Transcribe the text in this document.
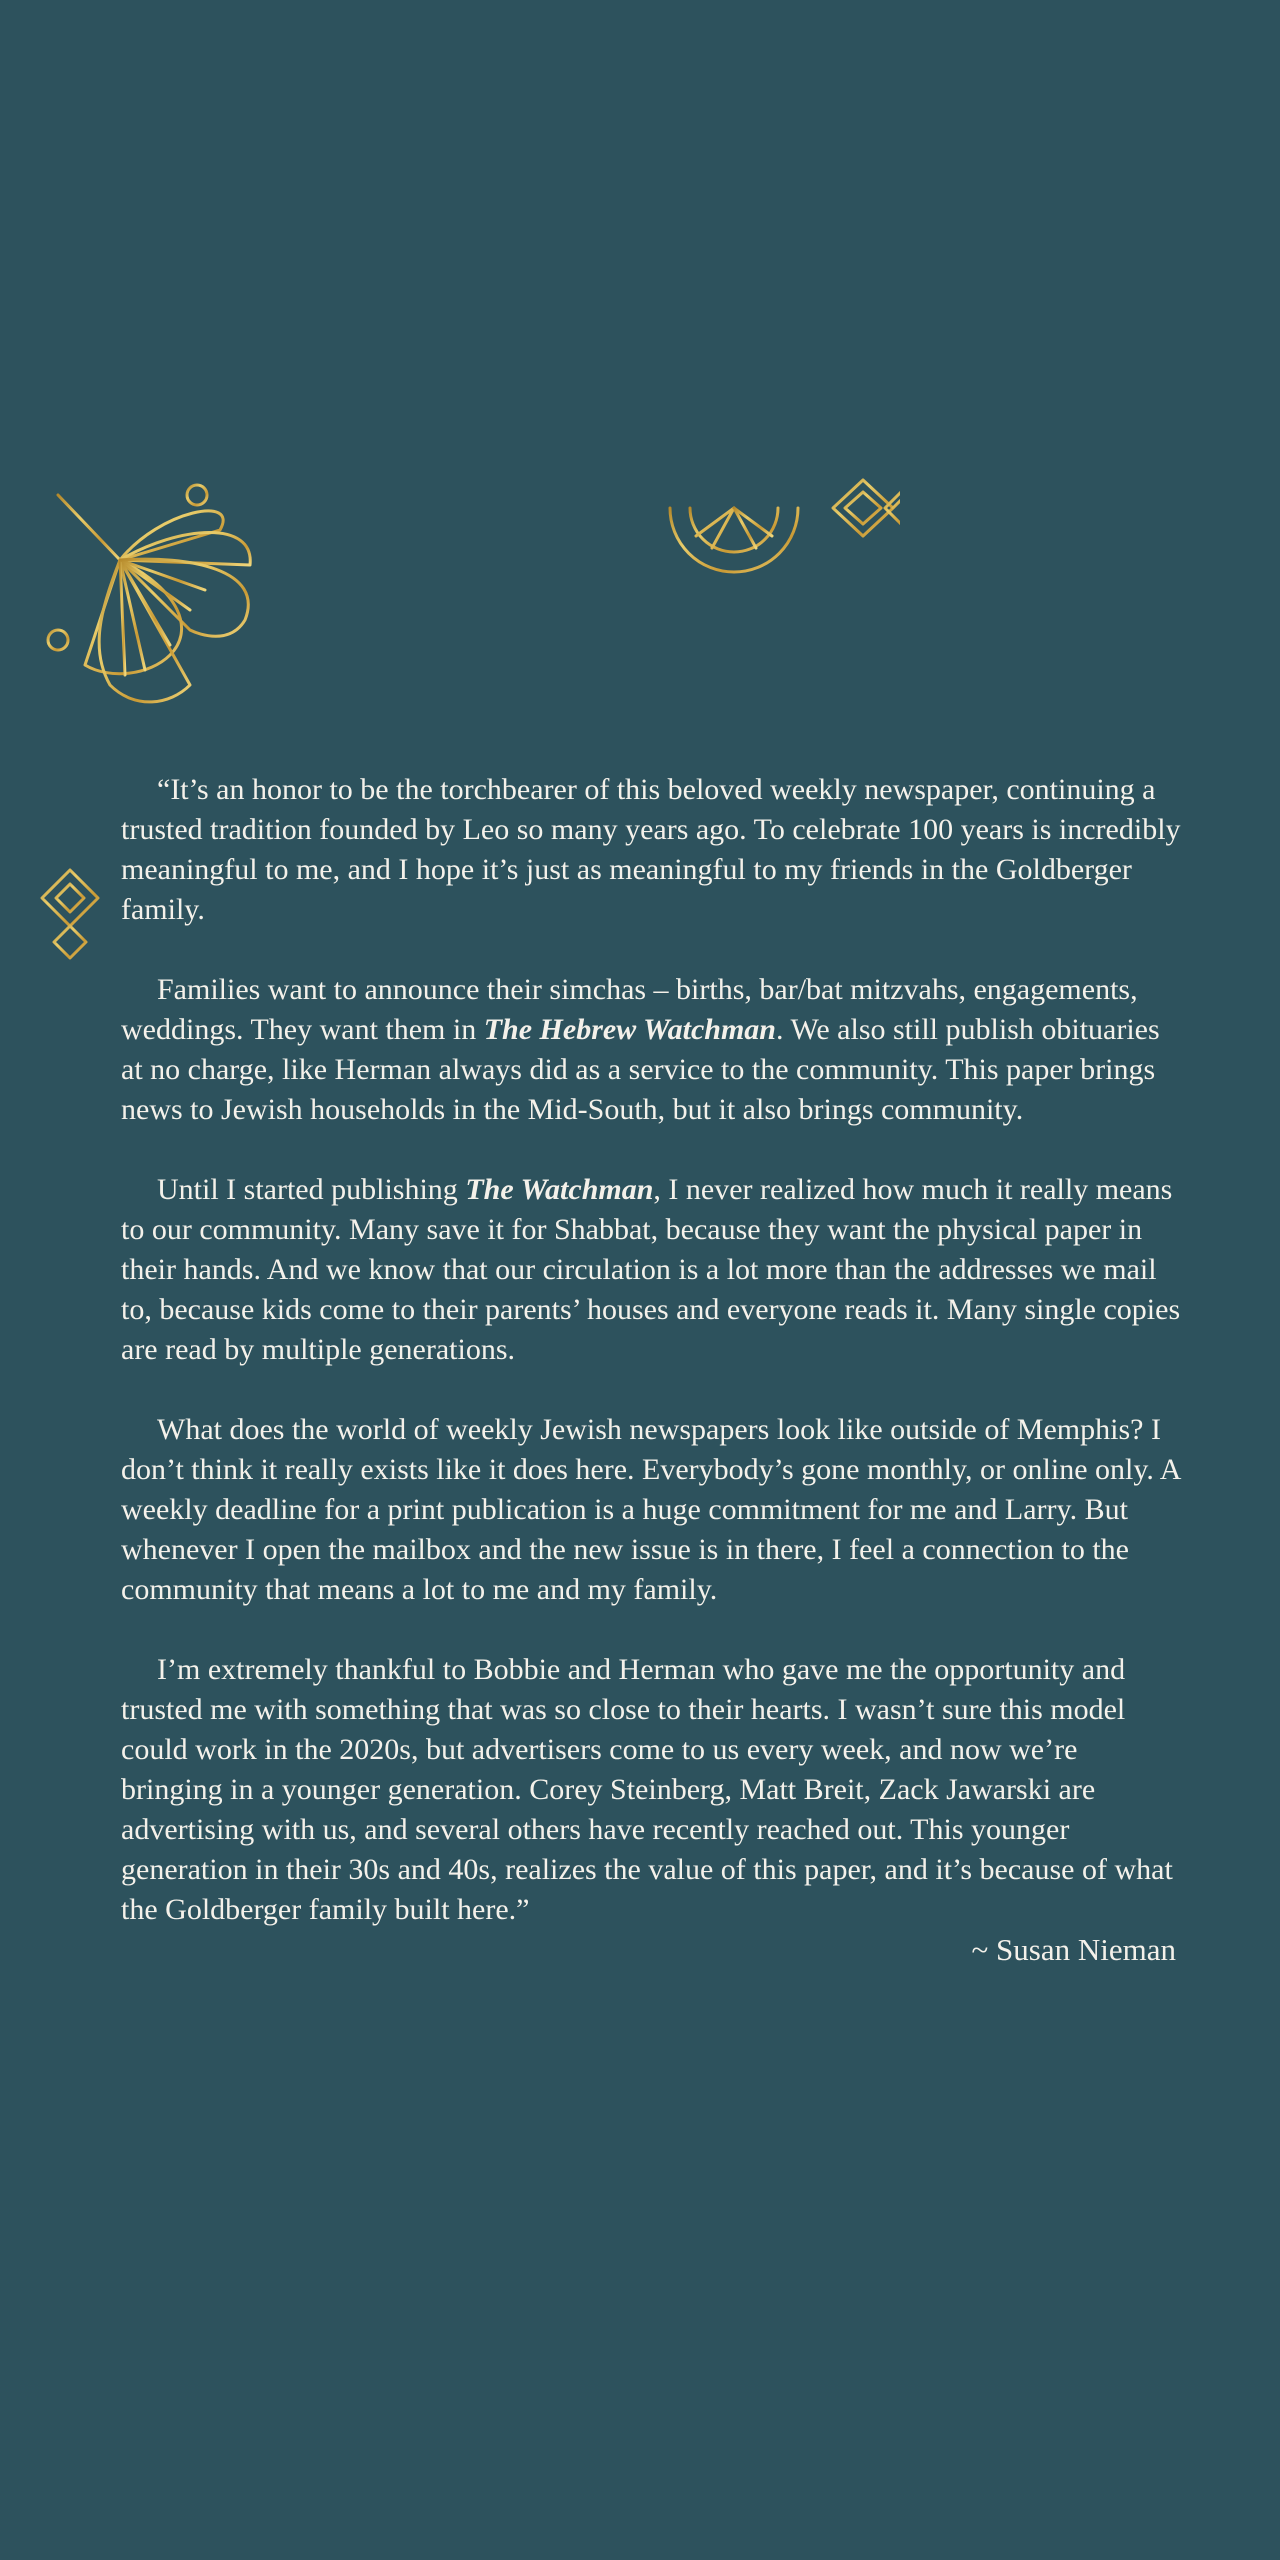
“It’s an honor to be the torchbearer of this beloved weekly newspaper, continuing a trusted tradition founded by Leo so many years ago. To celebrate 100 years is incredibly meaningful to me, and I hope it’s just as meaningful to my friends in the Goldberger family.

Families want to announce their simchas – births, bar/bat mitzvahs, engagements, weddings. They want them in The Hebrew Watchman. We also still publish obituaries at no charge, like Herman always did as a service to the community. This paper brings news to Jewish households in the Mid-South, but it also brings community.

Until I started publishing The Watchman, I never realized how much it really means to our community. Many save it for Shabbat, because they want the physical paper in their hands. And we know that our circulation is a lot more than the addresses we mail to, because kids come to their parents’ houses and everyone reads it. Many single copies are read by multiple generations.

What does the world of weekly Jewish newspapers look like outside of Memphis? I don’t think it really exists like it does here. Everybody’s gone monthly, or online only. A weekly deadline for a print publication is a huge commitment for me and Larry. But whenever I open the mailbox and the new issue is in there, I feel a connection to the community that means a lot to me and my family.

I’m extremely thankful to Bobbie and Herman who gave me the opportunity and trusted me with something that was so close to their hearts. I wasn’t sure this model could work in the 2020s, but advertisers come to us every week, and now we’re bringing in a younger generation. Corey Steinberg, Matt Breit, Zack Jawarski are advertising with us, and several others have recently reached out. This younger generation in their 30s and 40s, realizes the value of this paper, and it’s because of what the Goldberger family built here.”

~ Susan Nieman
